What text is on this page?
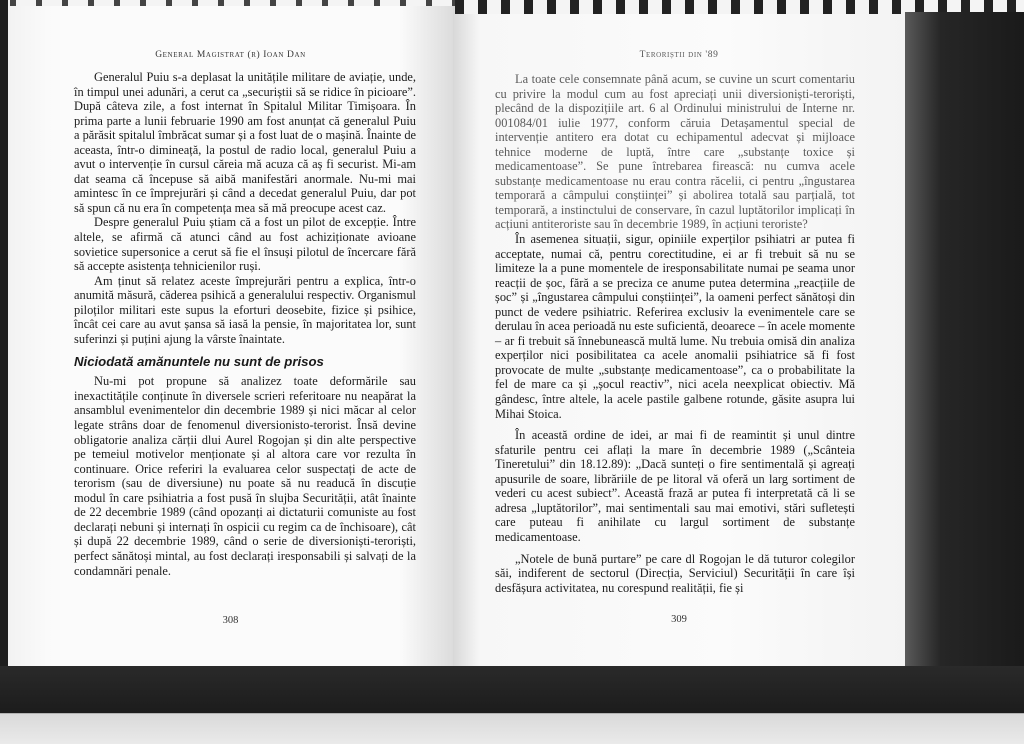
General Magistrat (r) Ioan Dan

Generalul Puiu s-a deplasat la unitățile militare de aviație, unde, în timpul unei adunări, a cerut ca „securiștii să se ridice în picioare”. După câteva zile, a fost internat în Spitalul Militar Timișoara. În prima parte a lunii februarie 1990 am fost anunțat că generalul Puiu a părăsit spitalul îmbrăcat sumar și a fost luat de o mașină. Înainte de aceasta, într-o dimineață, la postul de radio local, generalul Puiu a avut o intervenție în cursul căreia mă acuza că aș fi securist. Mi-am dat seama că începuse să aibă manifestări anormale. Nu-mi mai amintesc în ce împrejurări și când a decedat generalul Puiu, dar pot să spun că nu era în competența mea să mă preocupe acest caz.

Despre generalul Puiu știam că a fost un pilot de excepție. Între altele, se afirmă că atunci când au fost achiziționate avioane sovietice supersonice a cerut să fie el însuși pilotul de încercare fără să accepte asistența tehnicienilor ruși.

Am ținut să relatez aceste împrejurări pentru a explica, într-o anumită măsură, căderea psihică a generalului respectiv. Organismul piloților militari este supus la eforturi deosebite, fizice și psihice, încât cei care au avut șansa să iasă la pensie, în majoritatea lor, sunt suferinzi și puțini ajung la vârste înaintate.

Niciodată amănuntele nu sunt de prisos

Nu-mi pot propune să analizez toate deformările sau inexactitățile conținute în diversele scrieri referitoare nu neapărat la ansamblul evenimentelor din decembrie 1989 și nici măcar al celor legate strâns doar de fenomenul diversionisto-terorist. Însă devine obligatorie analiza cărții dlui Aurel Rogojan și din alte perspective pe temeiul motivelor menționate și al altora care vor rezulta în continuare. Orice referiri la evaluarea celor suspectați de acte de terorism (sau de diversiune) nu poate să nu readucă în discuție modul în care psihiatria a fost pusă în slujba Securității, atât înainte de 22 decembrie 1989 (când opozanți ai dictaturii comuniste au fost declarați nebuni și internați în ospicii cu regim ca de închisoare), cât și după 22 decembrie 1989, când o serie de diversioniști-teroriști, perfect sănătoși mintal, au fost declarați iresponsabili și salvați de la condamnări penale.

308
Teroriștii din '89

La toate cele consemnate până acum, se cuvine un scurt comentariu cu privire la modul cum au fost apreciați unii diversioniști-teroriști, plecând de la dispozițiile art. 6 al Ordinului ministrului de Interne nr. 001084/01 iulie 1977, conform căruia Detașamentul special de intervenție antitero era dotat cu echipamentul adecvat și mijloace tehnice moderne de luptă, între care „substanțe toxice și medicamentoase”. Se pune întrebarea firească: nu cumva acele substanțe medicamentoase nu erau contra răcelii, ci pentru „îngustarea temporară a câmpului conștiinței” și abolirea totală sau parțială, tot temporară, a instinctului de conservare, în cazul luptătorilor implicați în acțiuni antiteroriste sau în decembrie 1989, în acțiuni teroriste?

În asemenea situații, sigur, opiniile experților psihiatri ar putea fi acceptate, numai că, pentru corectitudine, ei ar fi trebuit să nu se limiteze la a pune momentele de iresponsabilitate numai pe seama unor reacții de șoc, fără a se preciza ce anume putea determina „reacțiile de șoc” și „îngustarea câmpului conștiinței”, la oameni perfect sănătoși din punct de vedere psihiatric. Referirea exclusiv la evenimentele care se derulau în acea perioadă nu este suficientă, deoarece – în acele momente – ar fi trebuit să înnebunească multă lume. Nu trebuia omisă din analiza experților nici posibilitatea ca acele anomalii psihiatrice să fi fost provocate de multe „substanțe medicamentoase”, ca o probabilitate la fel de mare ca și „șocul reactiv”, nici acela neexplicat obiectiv. Mă gândesc, între altele, la acele pastile galbene rotunde, găsite asupra lui Mihai Stoica.

În această ordine de idei, ar mai fi de reamintit și unul dintre sfaturile pentru cei aflați la mare în decembrie 1989 („Scânteia Tineretului” din 18.12.89): „Dacă sunteți o fire sentimentală și agreați apusurile de soare, librăriile de pe litoral vă oferă un larg sortiment de vederi cu acest subiect”. Această frază ar putea fi interpretată că li se adresa „luptătorilor”, mai sentimentali sau mai emotivi, stări sufletești care puteau fi anihilate cu largul sortiment de substanțe medicamentoase.

„Notele de bună purtare” pe care dl Rogojan le dă tuturor colegilor săi, indiferent de sectorul (Direcția, Serviciul) Securității în care își desfășura activitatea, nu corespund realității, fie și

309
